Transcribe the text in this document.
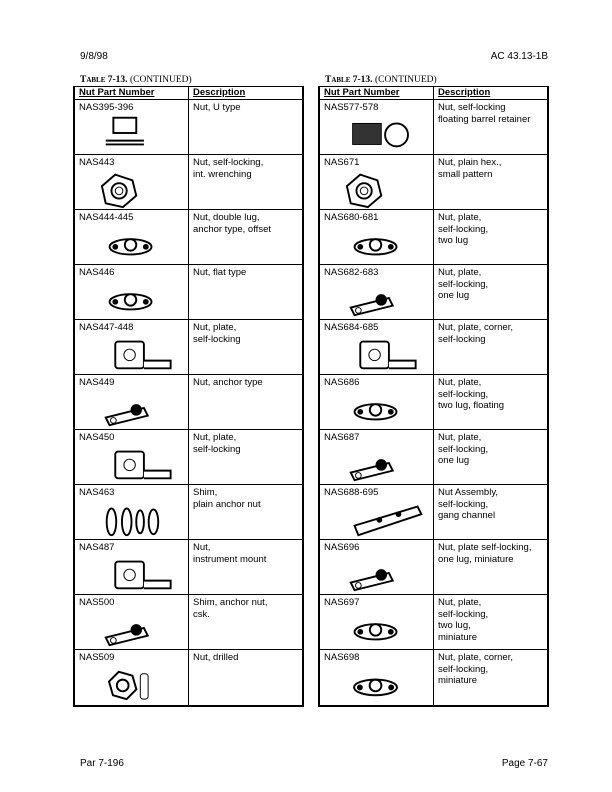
9/8/98	AC 43.13-1B
Table 7-13. (CONTINUED)	Table 7-13. (CONTINUED)
Nut Part Number	Description
NAS395-396	Nut, U type
NAS443	Nut, self-locking,
int. wrenching
NAS444-445	Nut, double lug,
anchor type, offset
NAS446	Nut, flat type
NAS447-448	Nut, plate,
self-locking
NAS449	Nut, anchor type
NAS450	Nut, plate,
self-locking
NAS463	Shim,
plain anchor nut
NAS487	Nut,
instrument mount
NAS500	Shim, anchor nut,
csk.
NAS509	Nut, drilled
Nut Part Number	Description
NAS577-578	Nut, self-locking
floating barrel retainer
NAS671	Nut, plain hex.,
small pattern
NAS680-681	Nut, plate,
self-locking,
two lug
NAS682-683	Nut, plate,
self-locking,
one lug
NAS684-685	Nut, plate, corner,
self-locking
NAS686	Nut, plate,
self-locking,
two lug, floating
NAS687	Nut, plate,
self-locking,
one lug
NAS688-695	Nut Assembly,
self-locking,
gang channel
NAS696	Nut, plate self-locking,
one lug, miniature
NAS697	Nut, plate,
self-locking,
two lug,
miniature
NAS698	Nut, plate, corner,
self-locking,
miniature
Par 7-196	Page 7-67
